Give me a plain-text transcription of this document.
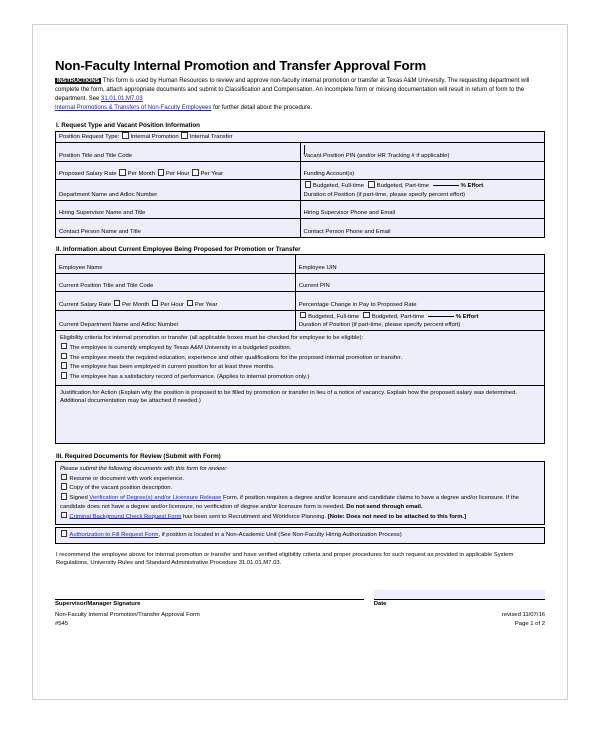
Non-Faculty Internal Promotion and Transfer Approval Form

INSTRUCTIONS This form is used by Human Resources to review and approve non-faculty internal promotion or transfer at Texas A&M University. The requesting department will complete the form, attach appropriate documents and submit to Classification and Compensation. An incomplete form or missing documentation will result in return of form to the department. See 31.01.01.M7.03
Internal Promotions & Transfers of Non-Faculty Employees for further detail about the procedure.

I. Request Type and Vacant Position Information
Position Request Type: Internal Promotion Internal Transfer	

Position Title and Title Code	Vacant Position PIN (and/or HR Tracking # if applicable)

Proposed Salary Rate Per Month Per Hour Per Year	Funding Account(s)

Department Name and Adloc Number	Budgeted, Full-time Budgeted, Part-time % Effort
Duration of Position (if part-time, please specify percent effort)

Hiring Supervisor Name and Title	Hiring Supervisor Phone and Email

Contact Person Name and Title	Contact Person Phone and Email
II. Information about Current Employee Being Proposed for Promotion or Transfer
Employee Name	Employee UIN

Current Position Title and Title Code	Current PIN

Current Salary Rate Per Month Per Hour Per Year	Percentage Change in Pay to Proposed Rate

Current Department Name and Adloc Number	Budgeted, Full-time Budgeted, Part-time % Effort
Duration of Position (if part-time, please specify percent effort)

Eligibility criteria for internal promotion or transfer (all applicable boxes must be checked for employee to be eligible):

The employee is currently employed by Texas A&M University in a budgeted position.
The employee meets the required education, experience and other qualifications for the proposed internal promotion or transfer.
The employee has been employed in current position for at least three months.
The employee has a satisfactory record of performance. (Applies to internal promotion only.)
Justification for Action (Explain why the position is proposed to be filled by promotion or transfer in lieu of a notice of vacancy. Explain how the proposed salary was determined. Additional documentation may be attached if needed.)
III. Required Documents for Review (Submit with Form)

Please submit the following documents with this form for review:

Resume or document with work experience.
Copy of the vacant position description.
Signed Verification of Degree(s) and/or Licensure Release Form, if position requires a degree and/or licensure and candidate claims to have a degree and/or licensure. If the candidate does not have a degree and/or licensure, no verification of degree and/or licensure form is needed. Do not send through email.
Criminal Background Check Request Form has been sent to Recruitment and Workforce Planning. [Note: Does not need to be attached to this form.]
Authorization to Fill Request Form, if position is located in a Non-Academic Unit (See Non-Faculty Hiring Authorization Process)

I recommend the employee above for internal promotion or transfer and have verified eligibility criteria and proper procedures for such request as provided in applicable System Regulations, University Rules and Standard Administrative Procedure 31.01.01.M7.03.

Supervisor/Manager Signature	Date
Non-Faculty Internal Promotion/Transfer Approval Form
#545
revised 11/07/16
Page 1 of 2
